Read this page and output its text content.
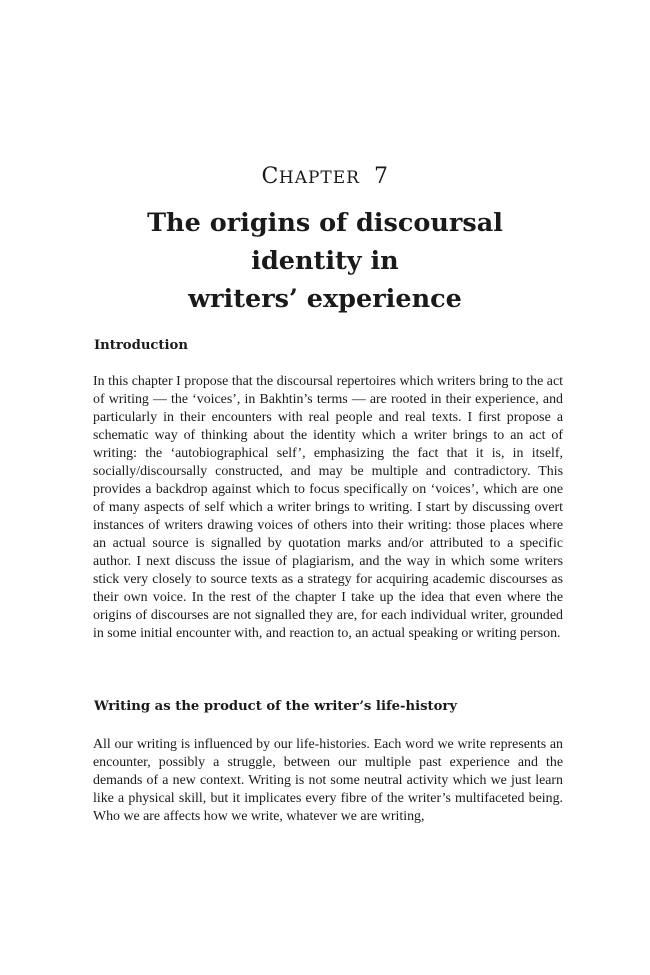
CHAPTER 7
The origins of discoursal identity in
writers’ experience
Introduction

In this chapter I propose that the discoursal repertoires which writers bring to the act of writing — the ‘voices’, in Bakhtin’s terms — are rooted in their experience, and particularly in their encounters with real people and real texts. I first propose a schematic way of thinking about the identity which a writer brings to an act of writing: the ‘autobiographical self’, emphasizing the fact that it is, in itself, socially/discoursally constructed, and may be multiple and contradictory. This provides a backdrop against which to focus specifically on ‘voices’, which are one of many aspects of self which a writer brings to writing. I start by discussing overt instances of writers drawing voices of others into their writing: those places where an actual source is signalled by quotation marks and/or attributed to a specific author. I next discuss the issue of plagiarism, and the way in which some writers stick very closely to source texts as a strategy for acquiring academic discourses as their own voice. In the rest of the chapter I take up the idea that even where the origins of discourses are not signalled they are, for each individual writer, grounded in some initial encounter with, and reaction to, an actual speaking or writing person.

Writing as the product of the writer’s life-history

All our writing is influenced by our life-histories. Each word we write represents an encounter, possibly a struggle, between our multiple past experience and the demands of a new context. Writing is not some neutral activity which we just learn like a physical skill, but it implicates every fibre of the writer’s multifaceted being. Who we are affects how we write, whatever we are writing,
